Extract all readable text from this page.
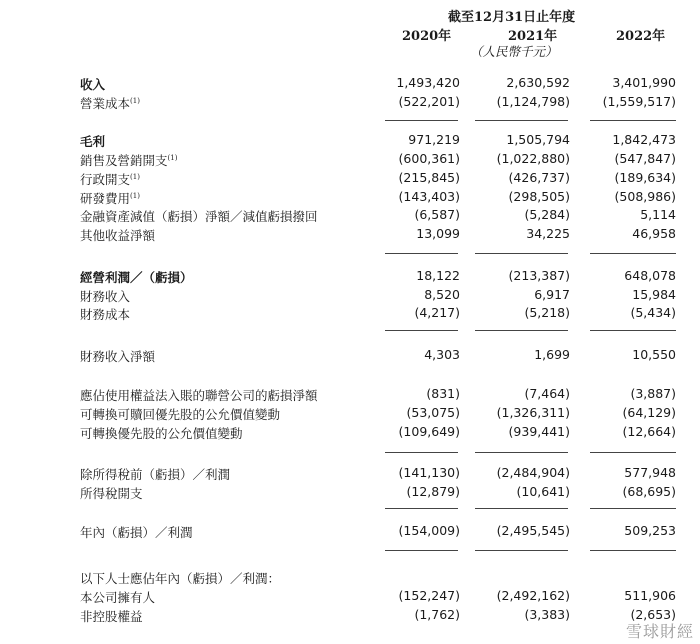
截至12月31日止年度
2020年	2021年	2022年
（人民幣千元）
收入	1,493,420	2,630,592	3,401,990
營業成本$^{(1)}$	(522,201)	(1,124,798)	(1,559,517)
毛利	971,219	1,505,794	1,842,473
銷售及營銷開支$^{(1)}$	(600,361)	(1,022,880)	(547,847)
行政開支$^{(1)}$	(215,845)	(426,737)	(189,634)
研發費用$^{(1)}$	(143,403)	(298,505)	(508,986)
金融資產減值（虧損）淨額／減值虧損撥回	(6,587)	(5,284)	5,114
其他收益淨額	13,099	34,225	46,958
經營利潤／（虧損）	18,122	(213,387)	648,078
財務收入	8,520	6,917	15,984
財務成本	(4,217)	(5,218)	(5,434)
財務收入淨額	4,303	1,699	10,550
應佔使用權益法入賬的聯營公司的虧損淨額	(831)	(7,464)	(3,887)
可轉換可贖回優先股的公允價值變動	(53,075)	(1,326,311)	(64,129)
可轉換優先股的公允價值變動	(109,649)	(939,441)	(12,664)
除所得稅前（虧損）／利潤	(141,130)	(2,484,904)	577,948
所得稅開支	(12,879)	(10,641)	(68,695)
年內（虧損）／利潤	(154,009)	(2,495,545)	509,253
以下人士應佔年內（虧損）／利潤：
本公司擁有人	(152,247)	(2,492,162)	511,906
非控股權益	(1,762)	(3,383)	(2,653)
雪球財經
